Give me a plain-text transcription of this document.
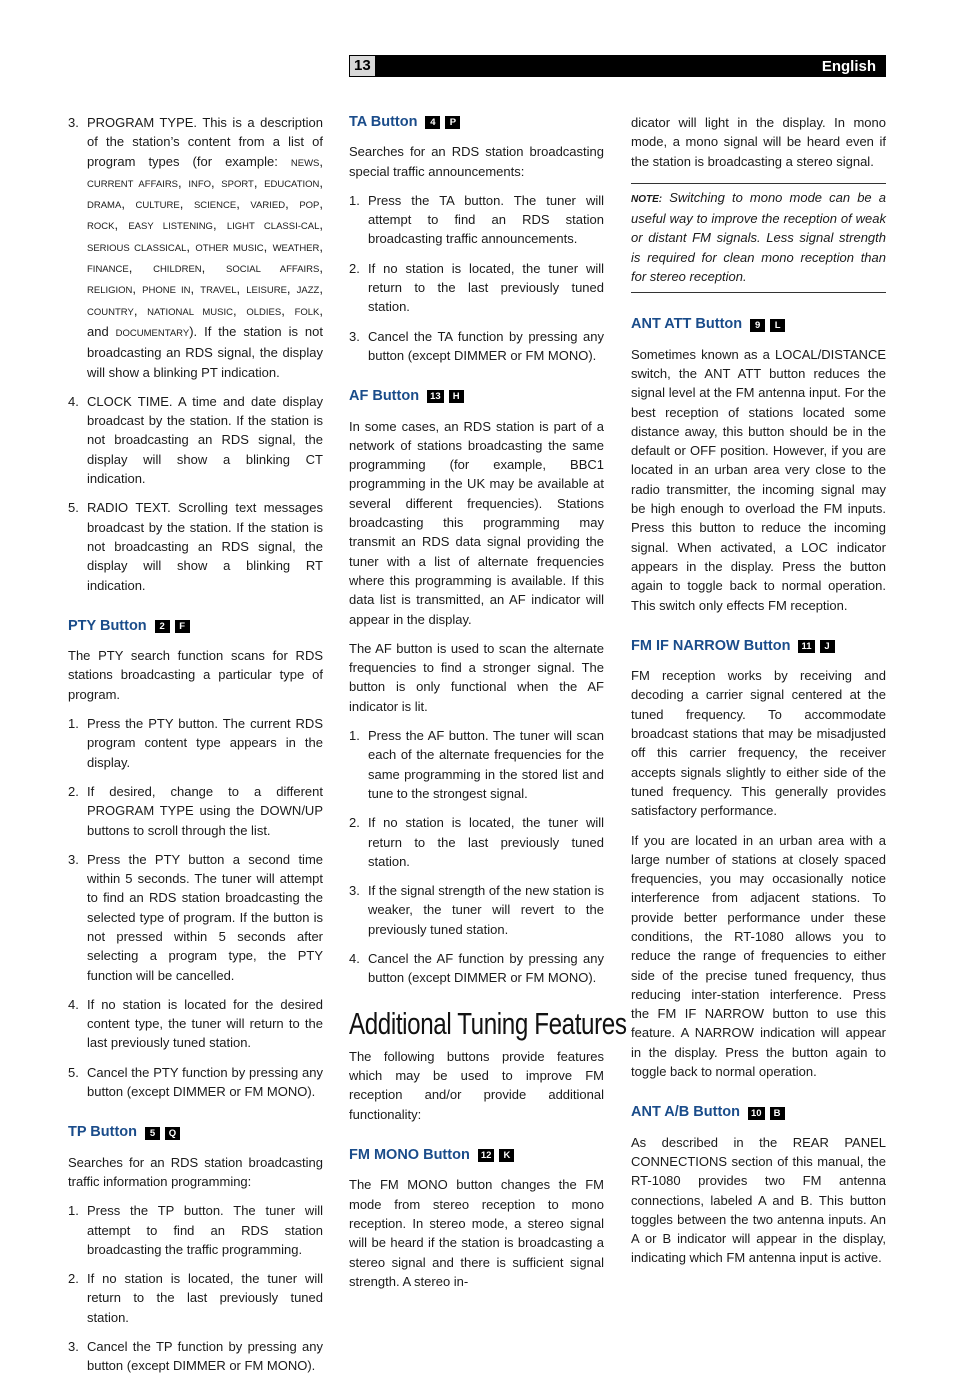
13	English
3. PROGRAM TYPE. This is a description of the station’s content from a list of program types (for example: NEWS, CURRENT AFFAIRS, INFO, SPORT, EDUCATION, DRAMA, CULTURE, SCIENCE, VARIED, POP, ROCK, EASY LISTENING, LIGHT CLASSI-CAL, SERIOUS CLASSICAL, OTHER MUSIC, WEATHER, FINANCE, CHILDREN, SOCIAL AFFAIRS, RELIGION, PHONE IN, TRAVEL, LEISURE, JAZZ, COUNTRY, NATIONAL MUSIC, OLDIES, FOLK, and DOCUMENTARY). If the station is not broadcasting an RDS signal, the display will show a blinking PT indication.
4. CLOCK TIME. A time and date display broadcast by the station. If the station is not broadcasting an RDS signal, the display will show a blinking CT indication.
5. RADIO TEXT. Scrolling text messages broadcast by the station. If the station is not broadcasting an RDS signal, the display will show a blinking RT indication.
PTY Button	2	F

The PTY search function scans for RDS stations broadcasting a particular type of program.

1. Press the PTY button. The current RDS program content type appears in the display.
2. If desired, change to a different PROGRAM TYPE using the DOWN/UP buttons to scroll through the list.
3. Press the PTY button a second time within 5 seconds. The tuner will attempt to find an RDS station broadcasting the selected type of program. If the button is not pressed within 5 seconds after selecting a program type, the PTY function will be cancelled.
4. If no station is located for the desired content type, the tuner will return to the last previously tuned station.
5. Cancel the PTY function by pressing any button (except DIMMER or FM MONO).
TP Button	5	Q

Searches for an RDS station broadcasting traffic information programming:

1. Press the TP button. The tuner will attempt to find an RDS station broadcasting the traffic programming.
2. If no station is located, the tuner will return to the last previously tuned station.
3. Cancel the TP function by pressing any button (except DIMMER or FM MONO).
TA Button	4	P

Searches for an RDS station broadcasting special traffic announcements:

1. Press the TA button. The tuner will attempt to find an RDS station broadcasting traffic announcements.
2. If no station is located, the tuner will return to the last previously tuned station.
3. Cancel the TA function by pressing any button (except DIMMER or FM MONO).
AF Button	13	H

In some cases, an RDS station is part of a network of stations broadcasting the same programming (for example, BBC1 programming in the UK may be available at several different frequencies). Stations broadcasting this programming may transmit an RDS data signal providing the tuner with a list of alternate frequencies where this programming is available. If this data list is transmitted, an AF indicator will appear in the display.

The AF button is used to scan the alternate frequencies to find a stronger signal. The button is only functional when the AF indicator is lit.

1. Press the AF button. The tuner will scan each of the alternate frequencies for the same programming in the stored list and tune to the strongest signal.
2. If no station is located, the tuner will return to the last previously tuned station.
3. If the signal strength of the new station is weaker, the tuner will revert to the previously tuned station.
4. Cancel the AF function by pressing any button (except DIMMER or FM MONO).
Additional Tuning Features

The following buttons provide features which may be used to improve FM reception and/or provide additional functionality:

FM MONO Button	12	K

The FM MONO button changes the FM mode from stereo reception to mono reception. In stereo mode, a stereo signal will be heard if the station is broadcasting a stereo signal and there is sufficient signal strength. A stereo in-

dicator will light in the display. In mono mode, a mono signal will be heard even if the station is broadcasting a stereo signal.

NOTE: Switching to mono mode can be a useful way to improve the reception of weak or distant FM signals. Less signal strength is required for clean mono reception than for stereo reception.
ANT ATT Button	9	L

Sometimes known as a LOCAL/DISTANCE switch, the ANT ATT button reduces the signal level at the FM antenna input. For the best reception of stations located some distance away, this button should be in the default or OFF position. However, if you are located in an urban area very close to the radio transmitter, the incoming signal may be high enough to overload the FM inputs. Press this button to reduce the incoming signal. When activated, a LOC indicator appears in the display. Press the button again to toggle back to normal operation. This switch only effects FM reception.

FM IF NARROW Button	11	J

FM reception works by receiving and decoding a carrier signal centered at the tuned frequency. To accommodate broadcast stations that may be misadjusted off this carrier frequency, the receiver accepts signals slightly to either side of the tuned frequency. This generally provides satisfactory performance.

If you are located in an urban area with a large number of stations at closely spaced frequencies, you may occasionally notice interference from adjacent stations. To provide better performance under these conditions, the RT-1080 allows you to reduce the range of frequencies to either side of the precise tuned frequency, thus reducing inter-station interference. Press the FM IF NARROW button to use this feature. A NARROW indication will appear in the display. Press the button again to toggle back to normal operation.

ANT A/B Button	10	B

As described in the REAR PANEL CONNECTIONS section of this manual, the RT-1080 provides two FM antenna connections, labeled A and B. This button toggles between the two antenna inputs. An A or B indicator will appear in the display, indicating which FM antenna input is active.
